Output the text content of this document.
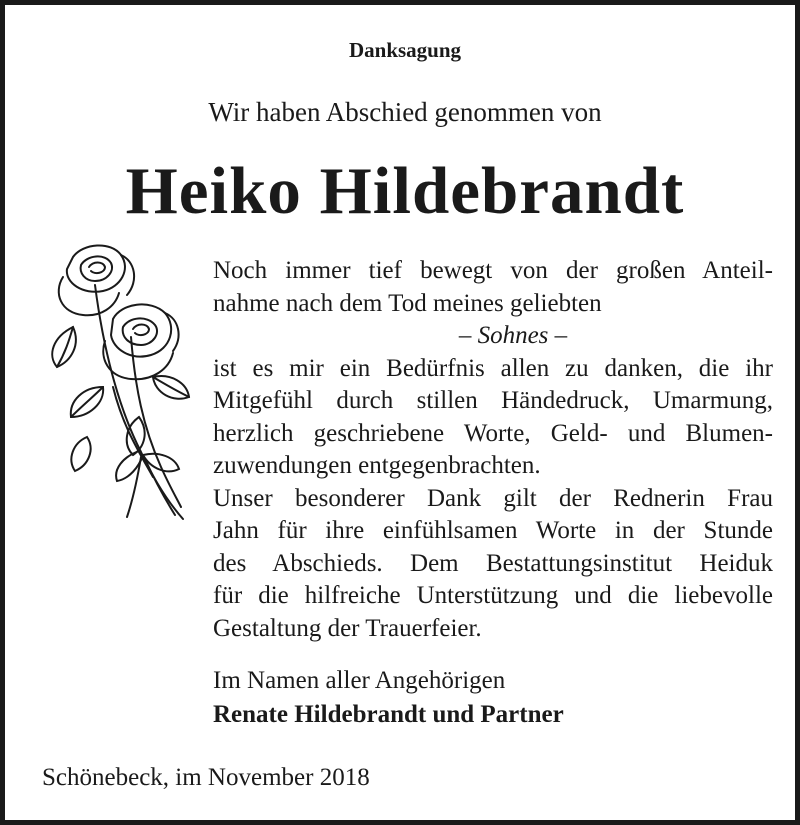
Danksagung
Wir haben Abschied genommen von
Heiko Hildebrandt
Noch immer tief bewegt von der großen Anteil-
nahme nach dem Tod meines geliebten
– Sohnes –
ist es mir ein Bedürfnis allen zu danken, die ihr
Mitgefühl durch stillen Händedruck, Umarmung,
herzlich geschriebene Worte, Geld- und Blumen-
zuwendungen entgegenbrachten.
Unser besonderer Dank gilt der Rednerin Frau
Jahn für ihre einfühlsamen Worte in der Stunde
des Abschieds. Dem Bestattungsinstitut Heiduk
für die hilfreiche Unterstützung und die liebevolle
Gestaltung der Trauerfeier.
Im Namen aller Angehörigen
Renate Hildebrandt und Partner
Schönebeck, im November 2018
